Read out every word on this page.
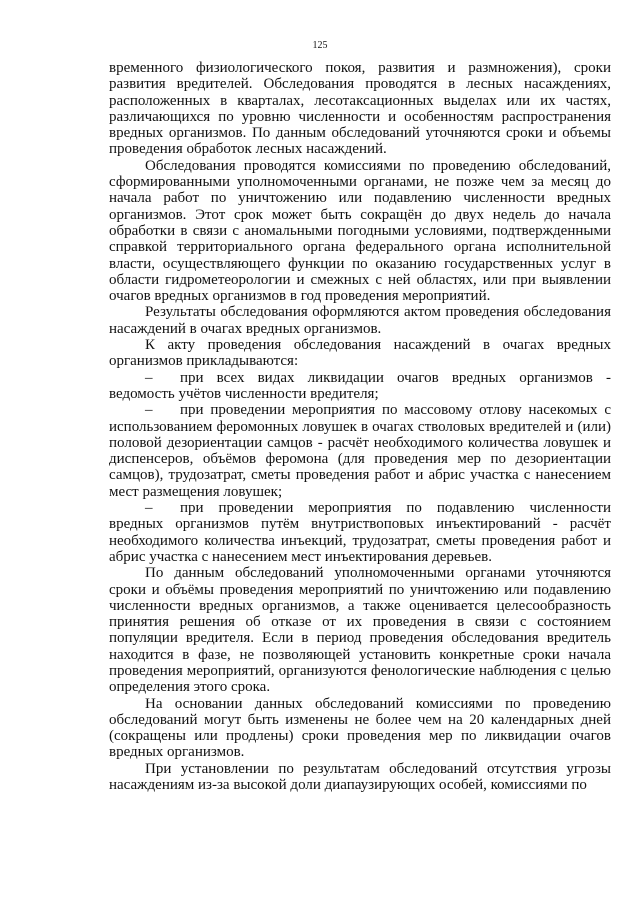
125

временного физиологического покоя, развития и размножения), сроки развития вредителей. Обследования проводятся в лесных насаждениях, расположенных в кварталах, лесотаксационных выделах или их частях, различающихся по уровню численности и особенностям распространения вредных организмов. По данным обследований уточняются сроки и объемы проведения обработок лесных насаждений.

Обследования проводятся комиссиями по проведению обследований, сформированными уполномоченными органами, не позже чем за месяц до начала работ по уничтожению или подавлению численности вредных организмов. Этот срок может быть сокращён до двух недель до начала обработки в связи с аномальными погодными условиями, подтвержденными справкой территориального органа федерального органа исполнительной власти, осуществляющего функции по оказанию государственных услуг в области гидрометеорологии и смежных с ней областях, или при выявлении очагов вредных организмов в год проведения мероприятий.

Результаты обследования оформляются актом проведения обследования насаждений в очагах вредных организмов.

К акту проведения обследования насаждений в очагах вредных организмов прикладываются:

– при всех видах ликвидации очагов вредных организмов - ведомость учётов численности вредителя;

– при проведении мероприятия по массовому отлову насекомых с использованием феромонных ловушек в очагах стволовых вредителей и (или) половой дезориентации самцов - расчёт необходимого количества ловушек и диспенсеров, объёмов феромона (для проведения мер по дезориентации самцов), трудозатрат, сметы проведения работ и абрис участка с нанесением мест размещения ловушек;

– при проведении мероприятия по подавлению численности вредных организмов путём внутриствоповых инъектирований - расчёт необходимого количества инъекций, трудозатрат, сметы проведения работ и абрис участка с нанесением мест инъектирования деревьев.

По данным обследований уполномоченными органами уточняются сроки и объёмы проведения мероприятий по уничтожению или подавлению численности вредных организмов, а также оценивается целесообразность принятия решения об отказе от их проведения в связи с состоянием популяции вредителя. Если в период проведения обследования вредитель находится в фазе, не позволяющей установить конкретные сроки начала проведения мероприятий, организуются фенологические наблюдения с целью определения этого срока.

На основании данных обследований комиссиями по проведению обследований могут быть изменены не более чем на 20 календарных дней (сокращены или продлены) сроки проведения мер по ликвидации очагов вредных организмов.

При установлении по результатам обследований отсутствия угрозы насаждениям из-за высокой доли диапаузирующих особей, комиссиями по
